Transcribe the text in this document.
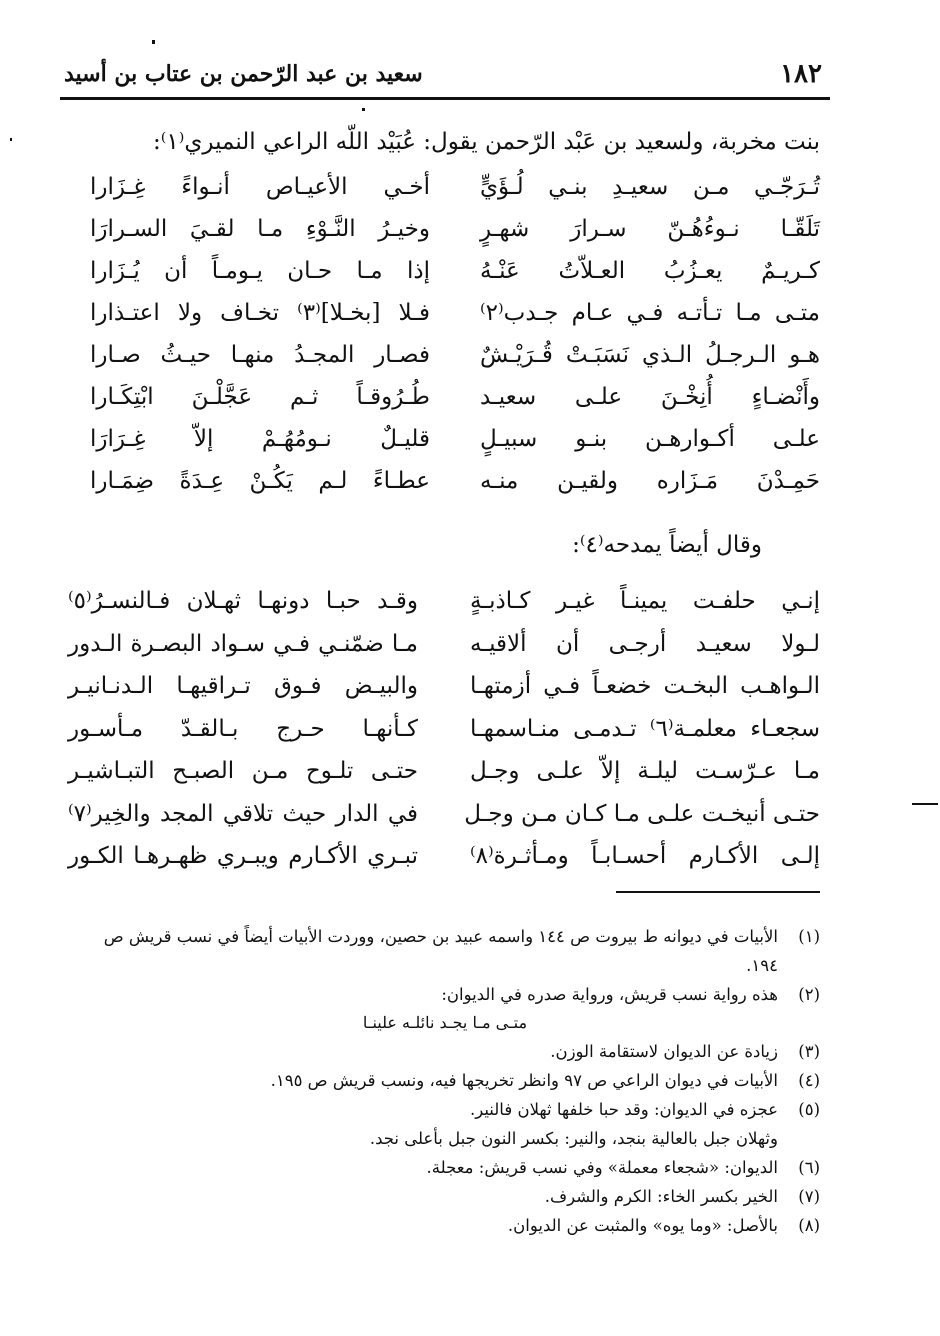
١٨٢
سعيد بن عبد الرّحمن بن عتاب بن أسيد
بنت مخربة، ولسعيد بن عَبْد الرّحمن يقول: عُبَيْد اللّه الراعي النميري⁽١⁾:
تُـرَجّـي مـن سعيـدِ بنـي لُـؤَيٍّ
أخـي الأعيـاص أنـواءً غِـزَارا
تَلَقّـا نـوءُهُـنّ سـرارَ شهـرٍ
وخيـرُ النَّـوْءِ مـا لقـيَ السـرارَا
كـريـمٌ يعـزُبُ العـلاّتُ عَنْـهُ
إذا مـا حـان يـومـاً أن يُـزَارا
متـى مـا تـأتـه فـي عـام جـدب⁽٢⁾
فـلا [بخـلا]⁽٣⁾ تخـاف ولا اعتـذارا
هـو الـرجـلُ الـذي نَسَبَـتْ قُـرَيْـشٌ
فصـار المجـدُ منهـا حيـثُ صـارا
وأَنْضـاءٍ أُنِخْـنَ علـى سعيـد
طُـرُوقـاً ثـم عَجَّلْـنَ ابْتِكَـارا
علـى أكـوارهـن بنـو سبيـلٍ
قليـلٌ نـومُهُـمْ إلاّ غِـرَارَا
حَمِـدْنَ مَـزَاره ولقيـن منـه
عطـاءً لـم يَكُـنْ عِـدَةً ضِمَـارا
وقال أيضاً يمدحه⁽٤⁾:
إنـي حلفـت يمينـاً غيـر كـاذبـةٍ
وقـد حبـا دونهـا ثهـلان فـالنسـرُ⁽٥⁾
لـولا سعيـد أرجـى أن ألاقيـه
مـا ضمّنـي فـي سـواد البصـرة الـدور
الـواهـب البخـت خضعـاً فـي أزمتهـا
والبيـض فـوق تـراقيهـا الـدنـانيـر
سجعـاء معلمـة⁽٦⁾ تـدمـى منـاسمهـا
كـأنهـا حـرج بـالقـدّ مـأسـور
مـا عـرّسـت ليلـة إلاّ علـى وجـل
حتـى تلـوح مـن الصبـح التبـاشيـر
حتـى أنيخـت علـى مـا كـان مـن وجـل
في الدار حيث تلاقي المجد والخِير⁽٧⁾
إلـى الأكـارم أحسـابـاً ومـأثـرة⁽٨⁾
تبـري الأكـارم ويبـري ظهـرهـا الكـور
(١)
الأبيات في ديوانه ط بيروت ص ١٤٤ واسمه عبيد بن حصين، ووردت الأبيات أيضاً في نسب قريش ص ١٩٤.
(٢)
هذه رواية نسب قريش، ورواية صدره في الديوان:
متـى مـا يجـد نائلـه علينـا
(٣)
زيادة عن الديوان لاستقامة الوزن.
(٤)
الأبيات في ديوان الراعي ص ٩٧ وانظر تخريجها فيه، ونسب قريش ص ١٩٥.
(٥)
عجزه في الديوان: وقد حبا خلفها ثهلان فالنير.
وثهلان جبل بالعالية بنجد، والنير: بكسر النون جبل بأعلى نجد.
(٦)
الديوان: «شجعاء معملة» وفي نسب قريش: معجلة.
(٧)
الخير بكسر الخاء: الكرم والشرف.
(٨)
بالأصل: «وما يوه» والمثبت عن الديوان.
